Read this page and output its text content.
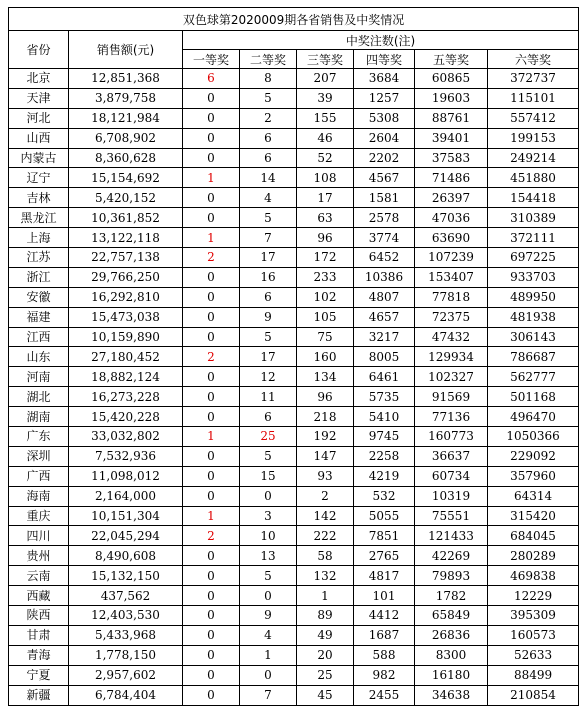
双色球第2020009期各省销售及中奖情况							
省份	销售额(元)	中奖注数(注)					
		一等奖	二等奖	三等奖	四等奖	五等奖	六等奖
北京	12,851,368	6	8	207	3684	60865	372737
天津	3,879,758	0	5	39	1257	19603	115101
河北	18,121,984	0	2	155	5308	88761	557412
山西	6,708,902	0	6	46	2604	39401	199153
内蒙古	8,360,628	0	6	52	2202	37583	249214
辽宁	15,154,692	1	14	108	4567	71486	451880
吉林	5,420,152	0	4	17	1581	26397	154418
黑龙江	10,361,852	0	5	63	2578	47036	310389
上海	13,122,118	1	7	96	3774	63690	372111
江苏	22,757,138	2	17	172	6452	107239	697225
浙江	29,766,250	0	16	233	10386	153407	933703
安徽	16,292,810	0	6	102	4807	77818	489950
福建	15,473,038	0	9	105	4657	72375	481938
江西	10,159,890	0	5	75	3217	47432	306143
山东	27,180,452	2	17	160	8005	129934	786687
河南	18,882,124	0	12	134	6461	102327	562777
湖北	16,273,228	0	11	96	5735	91569	501168
湖南	15,420,228	0	6	218	5410	77136	496470
广东	33,032,802	1	25	192	9745	160773	1050366
深圳	7,532,936	0	5	147	2258	36637	229092
广西	11,098,012	0	15	93	4219	60734	357960
海南	2,164,000	0	0	2	532	10319	64314
重庆	10,151,304	1	3	142	5055	75551	315420
四川	22,045,294	2	10	222	7851	121433	684045
贵州	8,490,608	0	13	58	2765	42269	280289
云南	15,132,150	0	5	132	4817	79893	469838
西藏	437,562	0	0	1	101	1782	12229
陕西	12,403,530	0	9	89	4412	65849	395309
甘肃	5,433,968	0	4	49	1687	26836	160573
青海	1,778,150	0	1	20	588	8300	52633
宁夏	2,957,602	0	0	25	982	16180	88499
新疆	6,784,404	0	7	45	2455	34638	210854
